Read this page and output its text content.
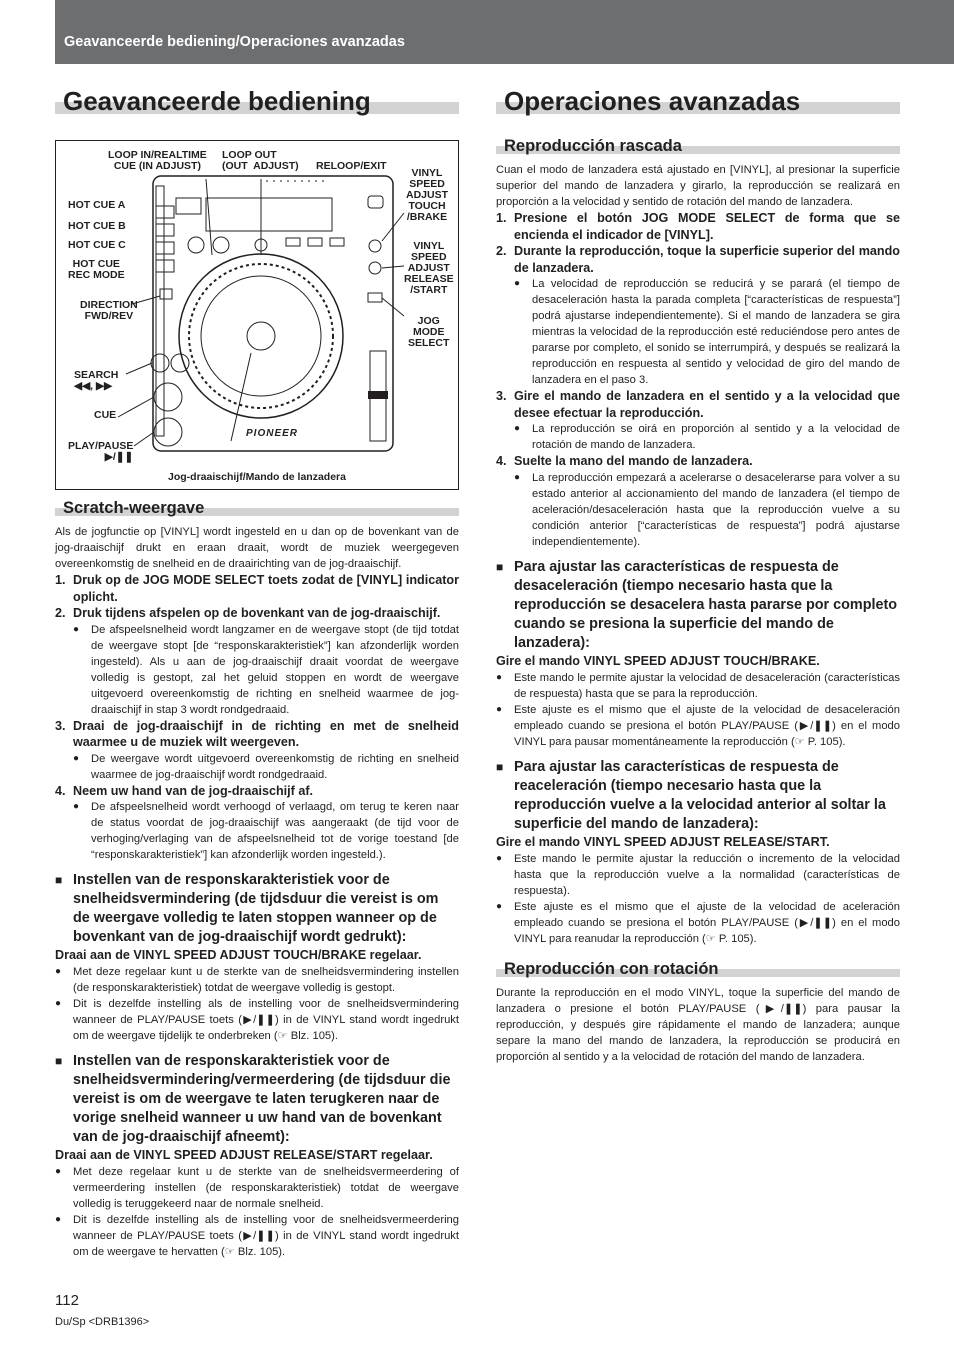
Geavanceerde bediening/Operaciones avanzadas
Geavanceerde bediening	Operaciones avanzadas
LOOP IN/REALTIME
CUE (IN ADJUST)
LOOP OUT
(OUT  ADJUST) RELOOP/EXIT
VINYL
SPEED
ADJUST
TOUCH
/BRAKE
HOT CUE A
HOT CUE B
HOT CUE C
HOT CUE
REC MODE
VINYL
SPEED
ADJUST
RELEASE
/START
DIRECTION
FWD/REV	JOG
MODE
SELECT
SEARCH
◀◀, ▶▶
CUE
PLAY/PAUSE
▶/❚❚
Jog-draaischijf/Mando de lanzadera
PIONEER
Scratch-weergave

Als de jogfunctie op [VINYL] wordt ingesteld en u dan op de bovenkant van de jog-draaischijf drukt en eraan draait, wordt de muziek weergegeven overeenkomstig de snelheid en de draairichting van de jog-draaischijf.

1. Druk op de JOG MODE SELECT toets zodat de [VINYL] indicator oplicht.
2. Druk tijdens afspelen op de bovenkant van de jog-draaischijf.
●	De afspeelsnelheid wordt langzamer en de weergave stopt (de tijd totdat de weergave stopt [de “responskarakteristiek”] kan afzonderlijk worden ingesteld). Als u aan de jog-draaischijf draait voordat de weergave volledig is gestopt, zal het geluid stoppen en wordt de weergave uitgevoerd overeenkomstig de richting en snelheid waarmee de jog-draaischijf in stap 3 wordt rondgedraaid.
3. Draai de jog-draaischijf in de richting en met de snelheid waarmee u de muziek wilt weergeven.
●	De weergave wordt uitgevoerd overeenkomstig de richting en snelheid waarmee de jog-draaischijf wordt rondgedraaid.
4. Neem uw hand van de jog-draaischijf af.
●	De afspeelsnelheid wordt verhoogd of verlaagd, om terug te keren naar de status voordat de jog-draaischijf was aangeraakt (de tijd voor de verhoging/verlaging van de afspeelsnelheid tot de vorige toestand [de “responskarakteristiek”] kan afzonderlijk worden ingesteld.).
■ Instellen van de responskarakteristiek voor de snelheidsvermindering (de tijdsduur die vereist is om de weergave volledig te laten stoppen wanneer op de bovenkant van de jog-draaischijf wordt gedrukt):
Draai aan de VINYL SPEED ADJUST TOUCH/BRAKE regelaar.
●	Met deze regelaar kunt u de sterkte van de snelheidsvermindering instellen (de responskarakteristiek) totdat de weergave volledig is gestopt.
●	Dit is dezelfde instelling als de instelling voor de snelheidsvermindering wanneer de PLAY/PAUSE toets (▶/❚❚) in de VINYL stand wordt ingedrukt om de weergave tijdelijk te onderbreken (☞ Blz. 105).
■ Instellen van de responskarakteristiek voor de snelheidsvermindering/vermeerdering (de tijdsduur die vereist is om de weergave te laten terugkeren naar de vorige snelheid wanneer u uw hand van de bovenkant van de jog-draaischijf afneemt):
Draai aan de VINYL SPEED ADJUST RELEASE/START regelaar.
●	Met deze regelaar kunt u de sterkte van de snelheidsvermeerdering of vermeerdering instellen (de responskarakteristiek) totdat de weergave volledig is teruggekeerd naar de normale snelheid.
●	Dit is dezelfde instelling als de instelling voor de snelheidsvermeerdering wanneer de PLAY/PAUSE toets (▶/❚❚) in de VINYL stand wordt ingedrukt om de weergave te hervatten (☞ Blz. 105).
Reproducción rascada

Cuan el modo de lanzadera está ajustado en [VINYL], al presionar la superficie superior del mando de lanzadera y girarlo, la reproducción se realizará en proporción a la velocidad y sentido de rotación del mando de lanzadera.

1. Presione el botón JOG MODE SELECT de forma que se encienda el indicador de [VINYL].
2. Durante la reproducción, toque la superficie superior del mando de lanzadera.
●	La velocidad de reproducción se reducirá y se parará (el tiempo de desaceleración hasta la parada completa [“características de respuesta”] podrá ajustarse independientemente). Si el mando de lanzadera se gira mientras la velocidad de la reproducción esté reduciéndose pero antes de pararse por completo, el sonido se interrumpirá, y después se realizará la reproducción en respuesta al sentido y velocidad de giro del mando de lanzadera en el paso 3.
3. Gire el mando de lanzadera en el sentido y a la velocidad que desee efectuar la reproducción.
●	La reproducción se oirá en proporción al sentido y a la velocidad de rotación de mando de lanzadera.
4. Suelte la mano del mando de lanzadera.
●	La reproducción empezará a acelerarse o desacelerarse para volver a su estado anterior al accionamiento del mando de lanzadera (el tiempo de aceleración/desaceleración hasta que la reproducción vuelve a su condición anterior [“características de respuesta”] podrá ajustarse independientemente).
■ Para ajustar las características de respuesta de desaceleración (tiempo necesario hasta que la reproducción se desacelera hasta pararse por completo cuando se presiona la superficie del mando de lanzadera):
Gire el mando VINYL SPEED ADJUST TOUCH/BRAKE.
●	Este mando le permite ajustar la velocidad de desaceleración (características de respuesta) hasta que se para la reproducción.
●	Este ajuste es el mismo que el ajuste de la velocidad de desaceleración empleado cuando se presiona el botón PLAY/PAUSE (▶/❚❚) en el modo VINYL para pausar momentáneamente la reproducción (☞ P. 105).
■ Para ajustar las características de respuesta de reaceleración (tiempo necesario hasta que la reproducción vuelve a la velocidad anterior al soltar la superficie del mando de lanzadera):
Gire el mando VINYL SPEED ADJUST RELEASE/START.
●	Este mando le permite ajustar la reducción o incremento de la velocidad hasta que la reproducción vuelve a la normalidad (características de respuesta).
●	Este ajuste es el mismo que el ajuste de la velocidad de aceleración empleado cuando se presiona el botón PLAY/PAUSE (▶/❚❚) en el modo VINYL para reanudar la reproducción (☞ P. 105).
Reproducción con rotación

Durante la reproducción en el modo VINYL, toque la superficie del mando de lanzadera o presione el botón PLAY/PAUSE (▶/❚❚) para pausar la reproducción, y después gire rápidamente el mando de lanzadera; aunque separe la mano del mando de lanzadera, la reproducción se producirá en proporción al sentido y a la velocidad de rotación del mando de lanzadera.

112
Du/Sp <DRB1396>
